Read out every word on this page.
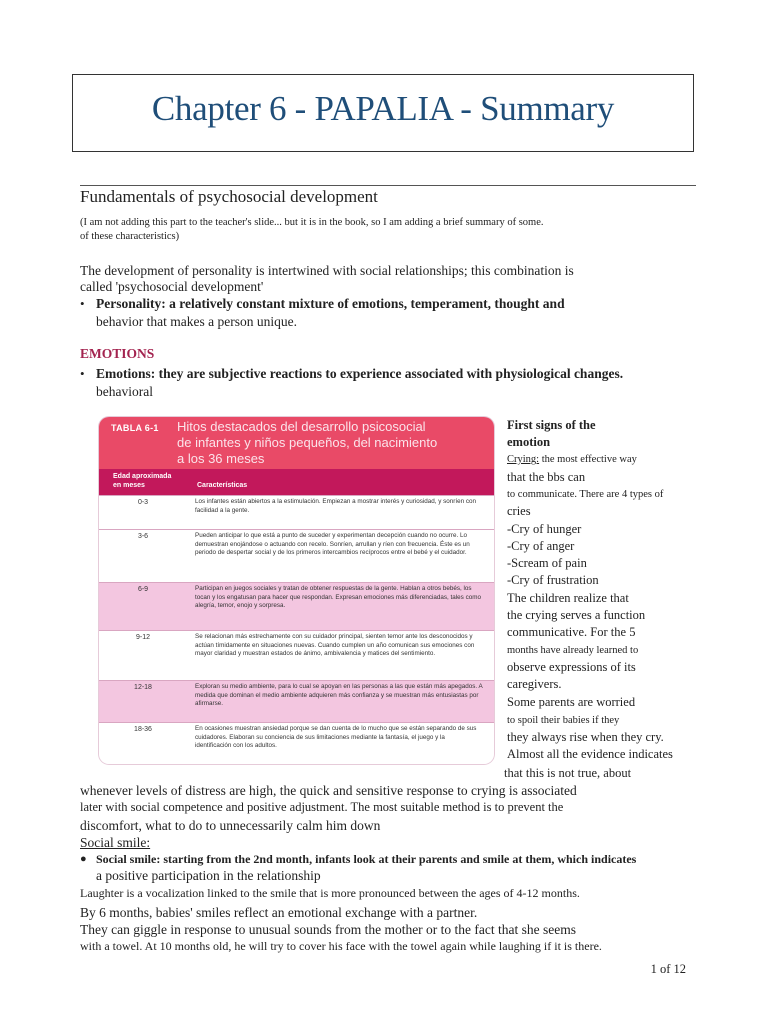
Chapter 6 - PAPALIA - Summary
Fundamentals of psychosocial development
(I am not adding this part to the teacher's slide... but it is in the book, so I am adding a brief summary of some.
of these characteristics)
The development of personality is intertwined with social relationships; this combination is
called 'psychosocial development'
• Personality: a relatively constant mixture of emotions, temperament, thought and
behavior that makes a person unique.
EMOTIONS
• Emotions: they are subjective reactions to experience associated with physiological changes.
behavioral
TABLA 6-1 Hitos destacados del desarrollo psicosocial
de infantes y niños pequeños, del nacimiento
a los 36 meses
Edad aproximada
en meses	Características
0-3	Los infantes están abiertos a la estimulación. Empiezan a mostrar interés y curiosidad, y sonríen con facilidad a la gente.
3-6	Pueden anticipar lo que está a punto de suceder y experimentan decepción cuando no ocurre. Lo demuestran enojándose o actuando con recelo. Sonríen, arrullan y ríen con frecuencia. Éste es un periodo de despertar social y de los primeros intercambios recíprocos entre el bebé y el cuidador.
6-9	Participan en juegos sociales y tratan de obtener respuestas de la gente. Hablan a otros bebés, los tocan y los engatusan para hacer que respondan. Expresan emociones más diferenciadas, tales como alegría, temor, enojo y sorpresa.
9-12	Se relacionan más estrechamente con su cuidador principal, sienten temor ante los desconocidos y actúan tímidamente en situaciones nuevas. Cuando cumplen un año comunican sus emociones con mayor claridad y muestran estados de ánimo, ambivalencia y matices del sentimiento.
12-18	Exploran su medio ambiente, para lo cual se apoyan en las personas a las que están más apegados. A medida que dominan el medio ambiente adquieren más confianza y se muestran más entusiastas por afirmarse.
18-36	En ocasiones muestran ansiedad porque se dan cuenta de lo mucho que se están separando de sus cuidadores. Elaboran su conciencia de sus limitaciones mediante la fantasía, el juego y la identificación con los adultos.
First signs of the
emotion
Crying: the most effective way
that the bbs can
to communicate. There are 4 types of
cries
-Cry of hunger
-Cry of anger
-Scream of pain
-Cry of frustration
The children realize that
the crying serves a function
communicative. For the 5
months have already learned to
observe expressions of its
caregivers.
Some parents are worried
to spoil their babies if they
they always rise when they cry.
Almost all the evidence indicates
that this is not true, about
whenever levels of distress are high, the quick and sensitive response to crying is associated
later with social competence and positive adjustment. The most suitable method is to prevent the
discomfort, what to do to unnecessarily calm him down
Social smile:
● Social smile: starting from the 2nd month, infants look at their parents and smile at them, which indicates
a positive participation in the relationship
Laughter is a vocalization linked to the smile that is more pronounced between the ages of 4-12 months.
By 6 months, babies' smiles reflect an emotional exchange with a partner.
They can giggle in response to unusual sounds from the mother or to the fact that she seems
with a towel. At 10 months old, he will try to cover his face with the towel again while laughing if it is there.
1 of 12
